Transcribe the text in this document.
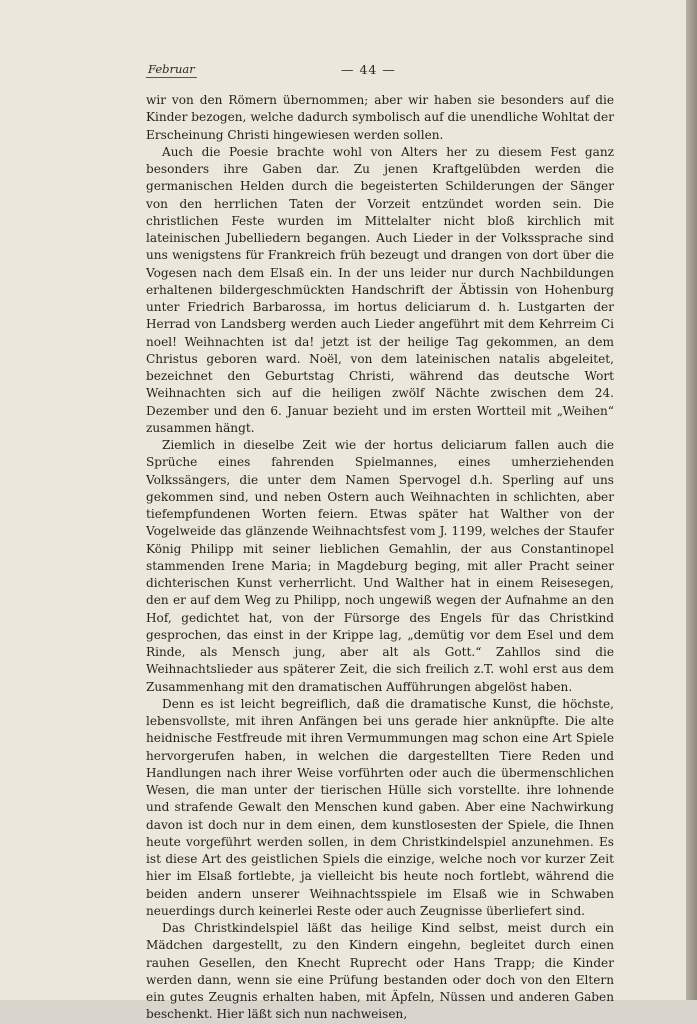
Februar	— 44 —

wir von den Römern übernommen; aber wir haben sie besonders auf die Kinder bezogen, welche dadurch symbolisch auf die unendliche Wohltat der Erscheinung Christi hingewiesen werden sollen.

Auch die Poesie brachte wohl von Alters her zu diesem Fest ganz besonders ihre Gaben dar. Zu jenen Kraftgelübden werden die germanischen Helden durch die begeisterten Schilderungen der Sänger von den herrlichen Taten der Vorzeit entzündet worden sein. Die christlichen Feste wurden im Mittelalter nicht bloß kirchlich mit lateinischen Jubelliedern begangen. Auch Lieder in der Volkssprache sind uns wenigstens für Frankreich früh bezeugt und drangen von dort über die Vogesen nach dem Elsaß ein. In der uns leider nur durch Nachbildungen erhaltenen bildergeschmückten Handschrift der Äbtissin von Hohenburg unter Friedrich Barbarossa, im hortus deliciarum d. h. Lustgarten der Herrad von Landsberg werden auch Lieder angeführt mit dem Kehrreim Ci noel! Weihnachten ist da! jetzt ist der heilige Tag gekommen, an dem Christus geboren ward. Noël, von dem lateinischen natalis abgeleitet, bezeichnet den Geburtstag Christi, während das deutsche Wort Weihnachten sich auf die heiligen zwölf Nächte zwischen dem 24. Dezember und den 6. Januar bezieht und im ersten Wortteil mit „Weihen“ zusammen hängt.

Ziemlich in dieselbe Zeit wie der hortus deliciarum fallen auch die Sprüche eines fahrenden Spielmannes, eines umherziehenden Volkssängers, die unter dem Namen Spervogel d.h. Sperling auf uns gekommen sind, und neben Ostern auch Weihnachten in schlichten, aber tiefempfundenen Worten feiern. Etwas später hat Walther von der Vogelweide das glänzende Weihnachtsfest vom J. 1199, welches der Staufer König Philipp mit seiner lieblichen Gemahlin, der aus Constantinopel stammenden Irene Maria; in Magdeburg beging, mit aller Pracht seiner dichterischen Kunst verherrlicht. Und Walther hat in einem Reisesegen, den er auf dem Weg zu Philipp, noch ungewiß wegen der Aufnahme an den Hof, gedichtet hat, von der Fürsorge des Engels für das Christkind gesprochen, das einst in der Krippe lag, „demütig vor dem Esel und dem Rinde, als Mensch jung, aber alt als Gott.“ Zahllos sind die Weihnachtslieder aus späterer Zeit, die sich freilich z.T. wohl erst aus dem Zusammenhang mit den dramatischen Aufführungen abgelöst haben.

Denn es ist leicht begreiflich, daß die dramatische Kunst, die höchste, lebensvollste, mit ihren Anfängen bei uns gerade hier anknüpfte. Die alte heidnische Festfreude mit ihren Vermummungen mag schon eine Art Spiele hervorgerufen haben, in welchen die dargestellten Tiere Reden und Handlungen nach ihrer Weise vorführten oder auch die übermenschlichen Wesen, die man unter der tierischen Hülle sich vorstellte. ihre lohnende und strafende Gewalt den Menschen kund gaben. Aber eine Nachwirkung davon ist doch nur in dem einen, dem kunstlosesten der Spiele, die Ihnen heute vorgeführt werden sollen, in dem Christkindelspiel anzunehmen. Es ist diese Art des geistlichen Spiels die einzige, welche noch vor kurzer Zeit hier im Elsaß fortlebte, ja vielleicht bis heute noch fortlebt, während die beiden andern unserer Weihnachtsspiele im Elsaß wie in Schwaben neuerdings durch keinerlei Reste oder auch Zeugnisse überliefert sind.

Das Christkindelspiel läßt das heilige Kind selbst, meist durch ein Mädchen dargestellt, zu den Kindern eingehn, begleitet durch einen rauhen Gesellen, den Knecht Ruprecht oder Hans Trapp; die Kinder werden dann, wenn sie eine Prüfung bestanden oder doch von den Eltern ein gutes Zeugnis erhalten haben, mit Äpfeln, Nüssen und anderen Gaben beschenkt. Hier läßt sich nun nachweisen,
